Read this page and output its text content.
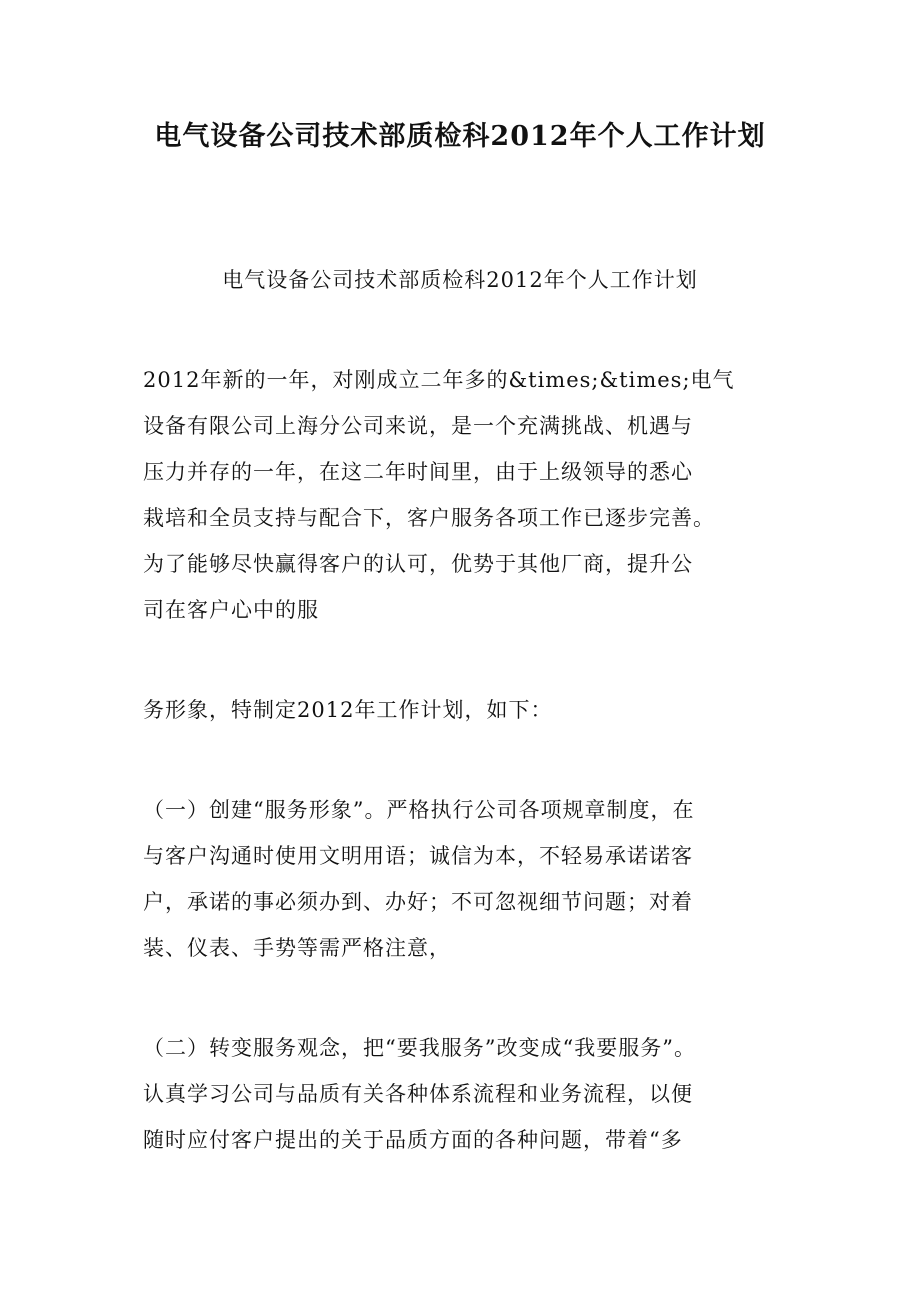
电气设备公司技术部质检科2012年个人工作计划
电气设备公司技术部质检科2012年个人工作计划
2012年新的一年，对刚成立二年多的&times;&times;电气
设备有限公司上海分公司来说，是一个充满挑战、机遇与
压力并存的一年，在这二年时间里，由于上级领导的悉心
栽培和全员支持与配合下，客户服务各项工作已逐步完善。
为了能够尽快赢得客户的认可，优势于其他厂商，提升公
司在客户心中的服
务形象，特制定2012年工作计划，如下：
（一）创建“服务形象”。严格执行公司各项规章制度，在
与客户沟通时使用文明用语；诚信为本，不轻易承诺诺客
户，承诺的事必须办到、办好；不可忽视细节问题；对着
装、仪表、手势等需严格注意，
（二）转变服务观念，把“要我服务”改变成“我要服务”。
认真学习公司与品质有关各种体系流程和业务流程，以便
随时应付客户提出的关于品质方面的各种问题，带着“多
